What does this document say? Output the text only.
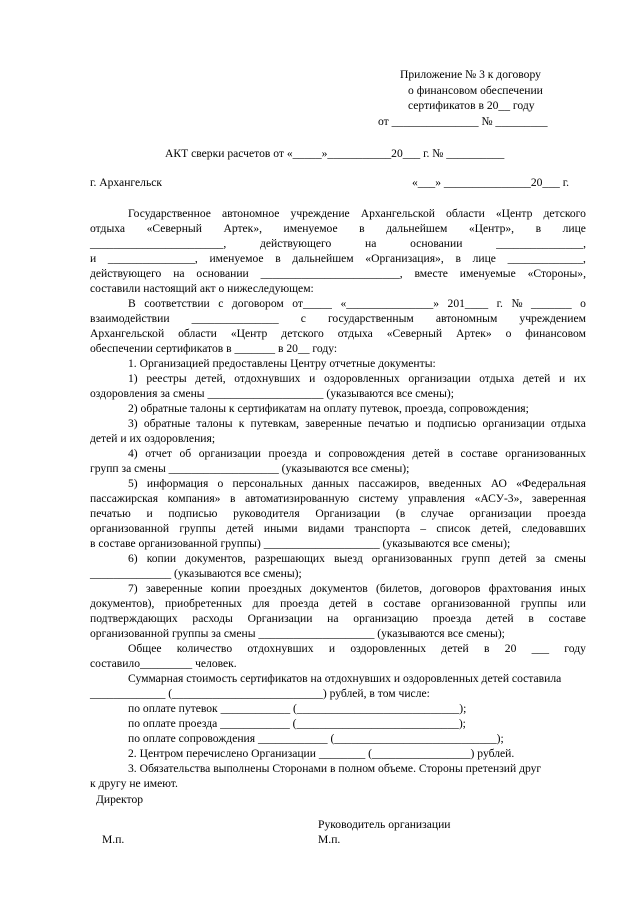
Приложение № 3 к договору
о финансовом обеспечении
сертификатов в 20__ году
от _______________ № _________
АКТ сверки расчетов от «_____»___________20___ г. № __________
г. Архангельск	«___» _______________20___ г.
Государственное автономное учреждение Архангельской области «Центр детского
отдыха «Северный Артек», именуемое в дальнейшем «Центр», в лице
_______________________,	действующего	на	основании	_______________,
и _______________, именуемое в дальнейшем «Организация», в лице _____________,
действующего на основании ________________________, вместе именуемые «Стороны»,
составили настоящий акт о нижеследующем:
В соответствии с договором от_____ «_______________» 201____ г. № _______ о
взаимодействии _______________ с государственным автономным учреждением
Архангельской области «Центр детского отдыха «Северный Артек» о финансовом
обеспечении сертификатов в _______ в 20__ году:
1. Организацией предоставлены Центру отчетные документы:
1) реестры детей, отдохнувших и оздоровленных организации отдыха детей и их
оздоровления за смены ____________________ (указываются все смены);
2) обратные талоны к сертификатам на оплату путевок, проезда, сопровождения;
3) обратные талоны к путевкам, заверенные печатью и подписью организации отдыха
детей и их оздоровления;
4) отчет об организации проезда и сопровождения детей в составе организованных
групп за смены ___________________ (указываются все смены);
5) информация о персональных данных пассажиров, введенных АО «Федеральная
пассажирская компания» в автоматизированную систему управления «АСУ-3», заверенная
печатью и подписью руководителя Организации (в случае организации проезда
организованной группы детей иными видами транспорта – список детей, следовавших
в составе организованной группы) ____________________ (указываются все смены);
6) копии документов, разрешающих выезд организованных групп детей за смены
______________ (указываются все смены);
7) заверенные копии проездных документов (билетов, договоров фрахтования иных
документов), приобретенных для проезда детей в составе организованной группы или
подтверждающих расходы Организации на организацию проезда детей в составе
организованной группы за смены ____________________ (указываются все смены);
Общее количество отдохнувших и оздоровленных детей в 20 ___ году
составило_________ человек.
Суммарная стоимость сертификатов на отдохнувших и оздоровленных детей составила
_____________ (__________________________) рублей, в том числе:
по оплате путевок ____________ (____________________________);
по оплате проезда ____________ (____________________________);
по оплате сопровождения ____________ (____________________________);
2. Центром перечислено Организации ________ (_________________) рублей.
3. Обязательства выполнены Сторонами в полном объеме. Стороны претензий друг
к другу не имеют.
Директор
Руководитель организации
М.п.	М.п.
